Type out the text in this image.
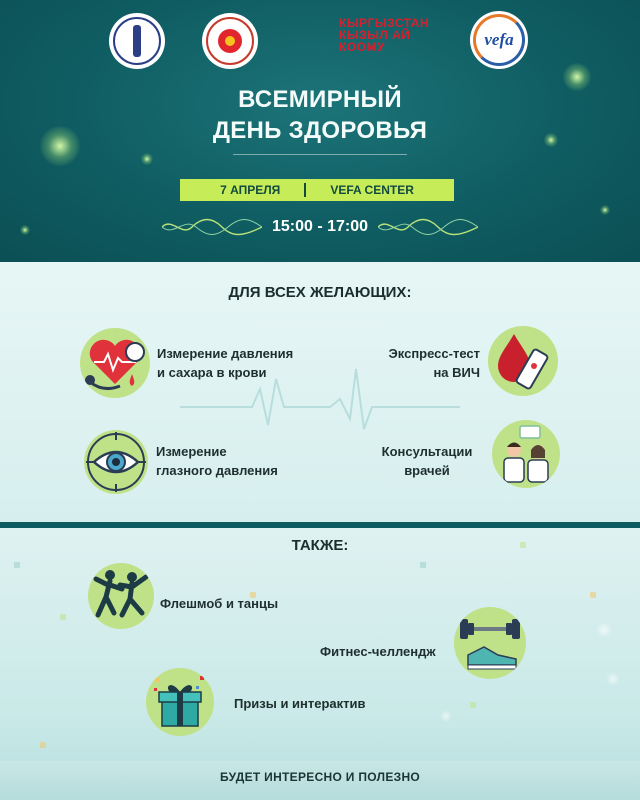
КЫРГЫЗСТАН
КЫЗЫЛ АЙ
КООМУ	vefa
ВСЕМИРНЫЙ
ДЕНЬ ЗДОРОВЬЯ
7 АПРЕЛЯ	VEFA CENTER
15:00 - 17:00
ДЛЯ ВСЕХ ЖЕЛАЮЩИХ:
Измерение давления
и сахара в крови
Экспресс-тест
на ВИЧ
Измерение
глазного давления
Консультации
врачей
ТАКЖЕ:
Флешмоб и танцы
Фитнес-челлендж
Призы и интерактив
БУДЕТ ИНТЕРЕСНО И ПОЛЕЗНО
